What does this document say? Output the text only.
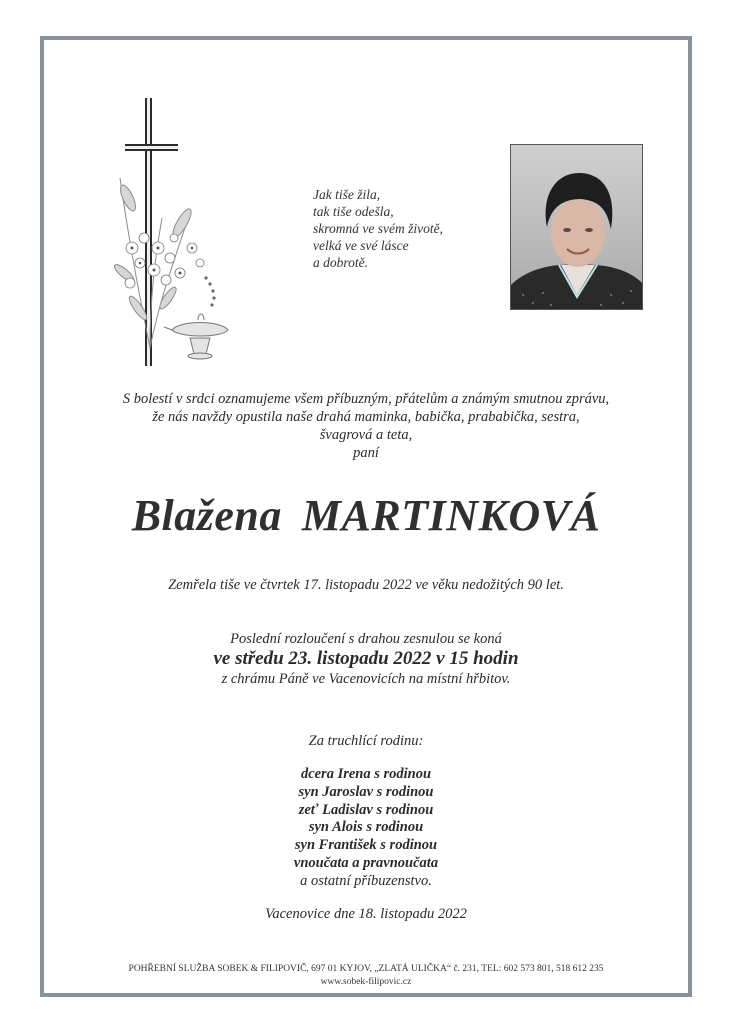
Jak tiše žila,
tak tiše odešla,
skromná ve svém životě,
velká ve své lásce
a dobrotě.
S bolestí v srdci oznamujeme všem příbuzným, přátelům a známým smutnou zprávu,
že nás navždy opustila naše drahá maminka, babička, prababička, sestra,
švagrová a teta,
paní
Blažena MARTINKOVÁ
Zemřela tiše ve čtvrtek 17. listopadu 2022 ve věku nedožitých 90 let.
Poslední rozloučení s drahou zesnulou se koná
ve středu 23. listopadu 2022 v 15 hodin
z chrámu Páně ve Vacenovicích na místní hřbitov.
Za truchlící rodinu:
dcera Irena s rodinou
syn Jaroslav s rodinou
zeť Ladislav s rodinou
syn Alois s rodinou
syn František s rodinou
vnoučata a pravnoučata
a ostatní příbuzenstvo.
Vacenovice dne 18. listopadu 2022
POHŘEBNÍ SLUŽBA SOBEK & FILIPOVIČ, 697 01 KYJOV, „ZLATÁ ULIČKA“ č. 231, TEL: 602 573 801, 518 612 235
www.sobek-filipovic.cz
